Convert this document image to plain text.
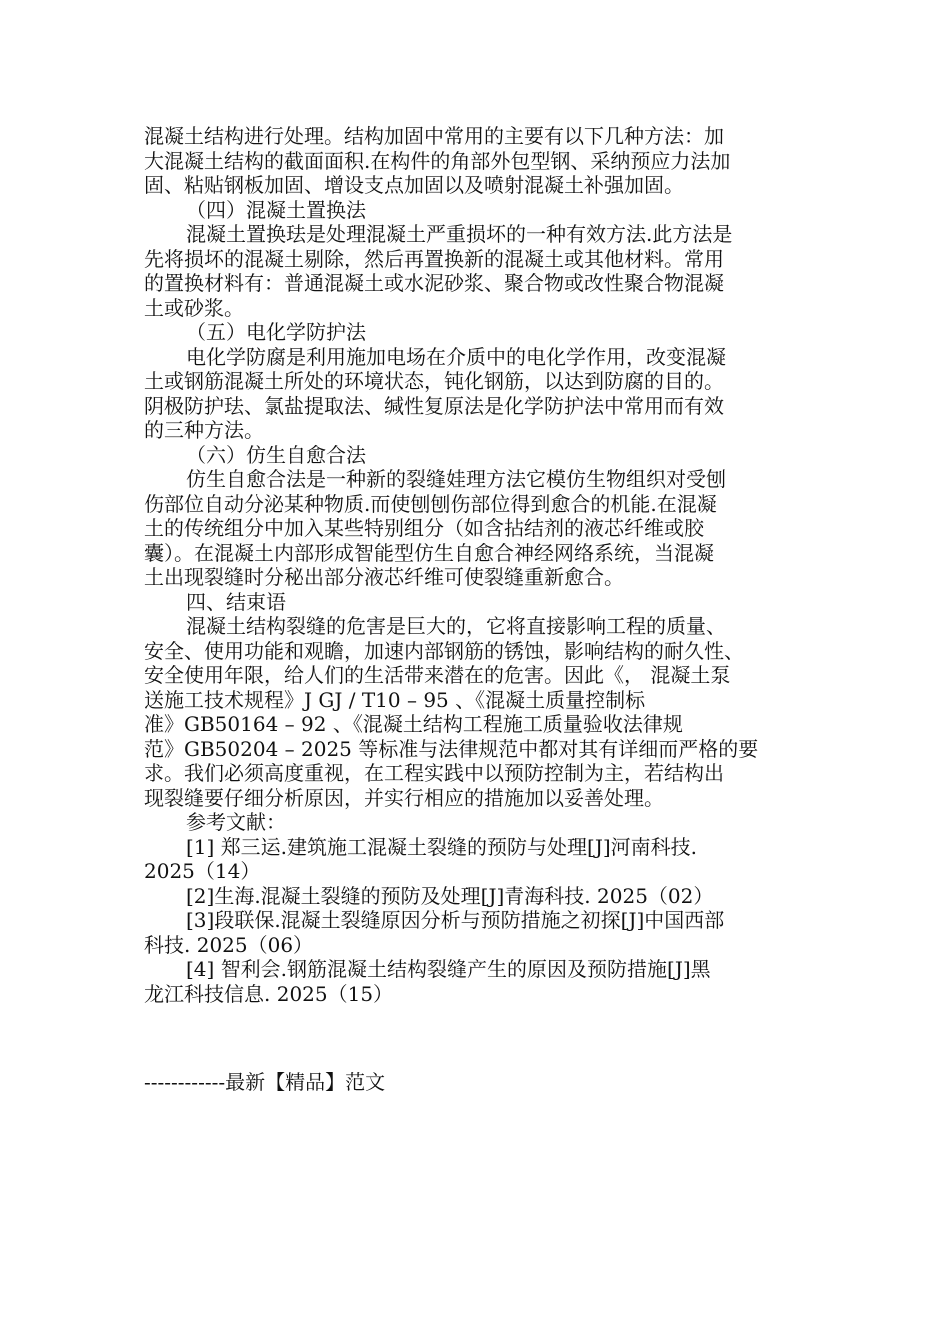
混凝土结构进行处理。结构加固中常用的主要有以下几种方法：加
大混凝土结构的截面面积.在构件的角部外包型钢、采纳预应力法加
固、粘贴钢板加固、增设支点加固以及喷射混凝土补强加固。
（四）混凝土置换法
混凝土置换珐是处理混凝土严重损坏的一种有效方法.此方法是
先将损坏的混凝土剔除，然后再置换新的混凝土或其他材料。常用
的置换材料有：普通混凝土或水泥砂浆、聚合物或改性聚合物混凝
土或砂浆。
（五）电化学防护法
电化学防腐是利用施加电场在介质中的电化学作用，改变混凝
土或钢筋混凝土所处的环境状态，钝化钢筋，以达到防腐的目的。
阴极防护珐、氯盐提取法、缄性复原法是化学防护法中常用而有效
的三种方法。
（六）仿生自愈合法
仿生自愈合法是一种新的裂缝娃理方法它模仿生物组织对受刨
伤部位自动分泌某种物质.而使刨刨伤部位得到愈合的机能.在混凝
土的传统组分中加入某些特别组分（如含拈结剂的液芯纤维或胶
囊）。在混凝土内部形成智能型仿生自愈合神经网络系统，当混凝
土出现裂缝时分秘出部分液芯纤维可使裂缝重新愈合。
四、结束语
混凝土结构裂缝的危害是巨大的，它将直接影响工程的质量、
安全、使用功能和观瞻，加速内部钢筋的锈蚀，影响结构的耐久性、
安全使用年限，给人们的生活带来潜在的危害。因此《， 混凝土泵
送施工技术规程》J GJ / T10 – 95 、《混凝土质量控制标
准》GB50164 – 92 、《混凝土结构工程施工质量验收法律规
范》GB50204 – 2025 等标准与法律规范中都对其有详细而严格的要
求。我们必须高度重视，在工程实践中以预防控制为主，若结构出
现裂缝要仔细分析原因，并实行相应的措施加以妥善处理。
参考文献：
[1] 郑三运.建筑施工混凝土裂缝的预防与处理[J]河南科技.
2025（14）
[2]生海.混凝土裂缝的预防及处理[J]青海科技. 2025（02）
[3]段联保.混凝土裂缝原因分析与预防措施之初探[J]中国西部
科技. 2025（06）
[4] 智利会.钢筋混凝土结构裂缝产生的原因及预防措施[J]黑
龙江科技信息. 2025（15）
------------最新【精品】范文
